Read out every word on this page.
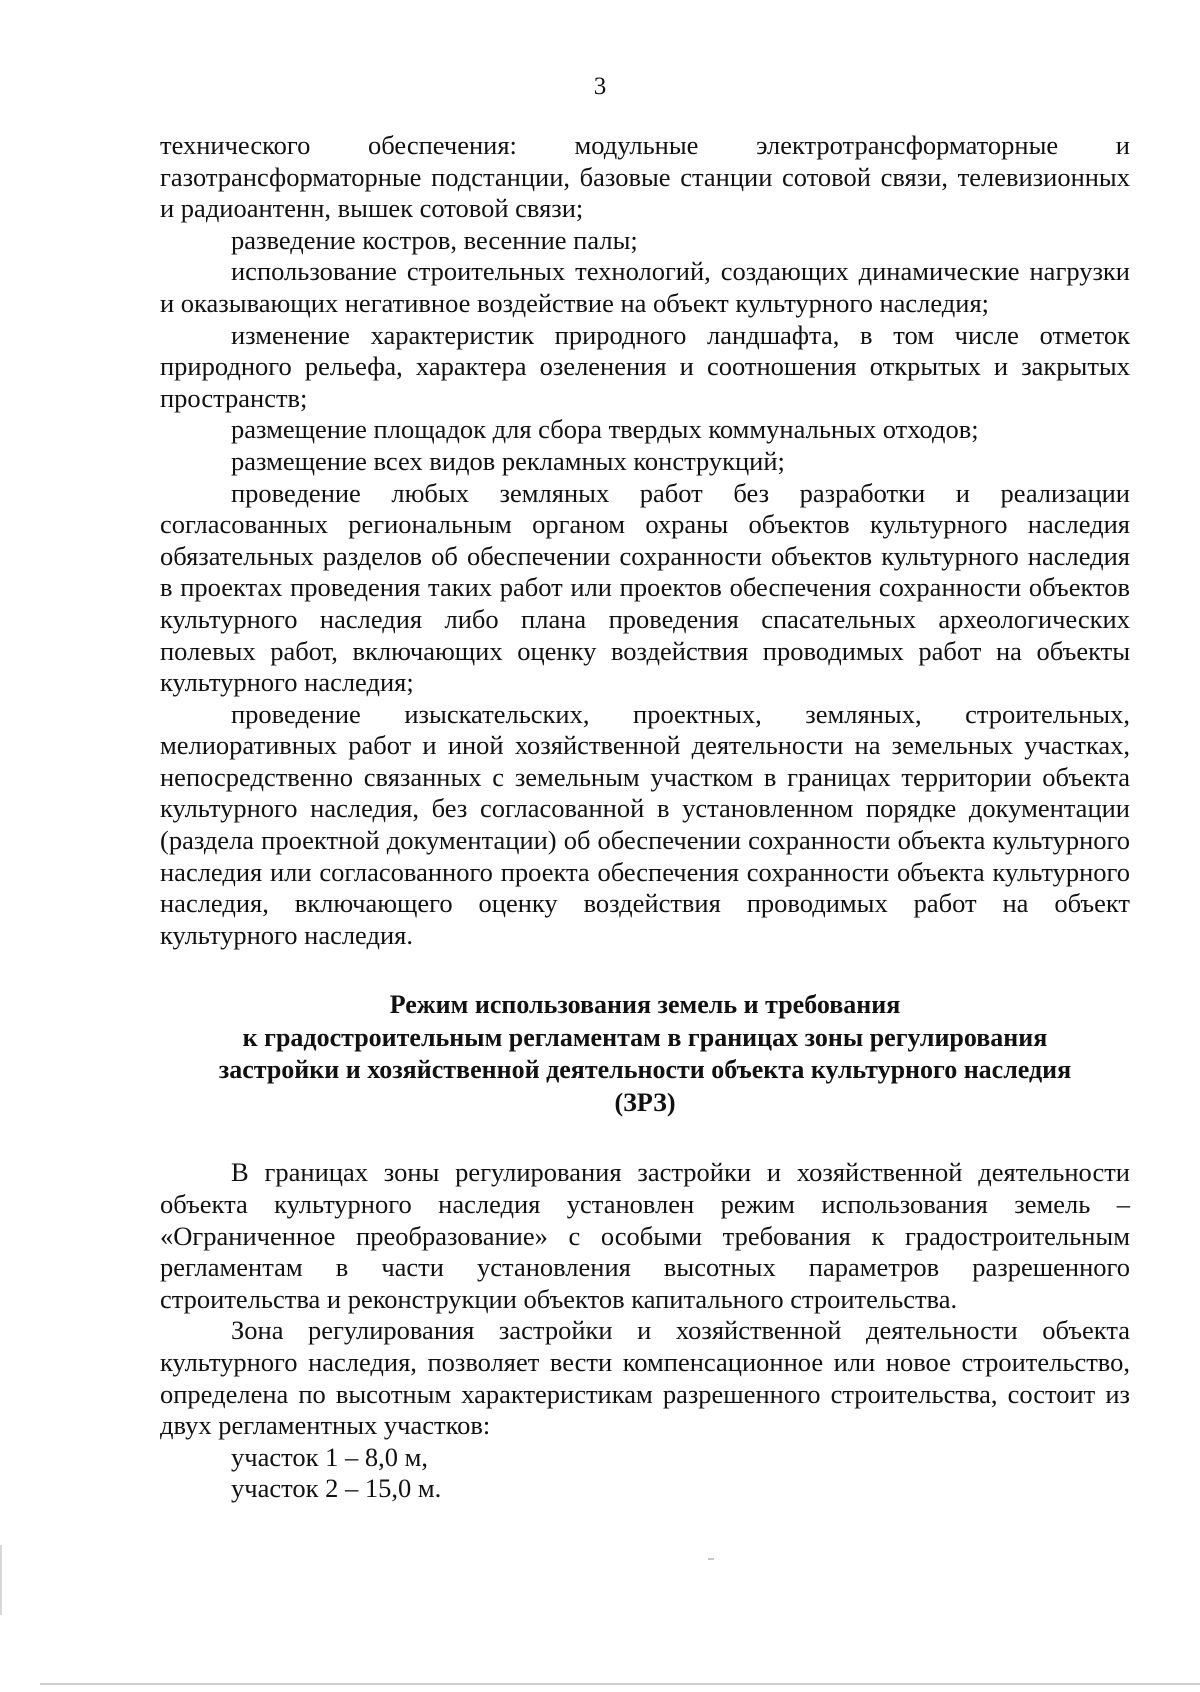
3

технического обеспечения: модульные электротрансформаторные и газотрансформаторные подстанции, базовые станции сотовой связи, телевизионных и радиоантенн, вышек сотовой связи;

разведение костров, весенние палы;

использование строительных технологий, создающих динамические нагрузки и оказывающих негативное воздействие на объект культурного наследия;

изменение характеристик природного ландшафта, в том числе отметок природного рельефа, характера озеленения и соотношения открытых и закрытых пространств;

размещение площадок для сбора твердых коммунальных отходов;

размещение всех видов рекламных конструкций;

проведение любых земляных работ без разработки и реализации согласованных региональным органом охраны объектов культурного наследия обязательных разделов об обеспечении сохранности объектов культурного наследия в проектах проведения таких работ или проектов обеспечения сохранности объектов культурного наследия либо плана проведения спасательных археологических полевых работ, включающих оценку воздействия проводимых работ на объекты культурного наследия;

проведение изыскательских, проектных, земляных, строительных, мелиоративных работ и иной хозяйственной деятельности на земельных участках, непосредственно связанных с земельным участком в границах территории объекта культурного наследия, без согласованной в установленном порядке документации (раздела проектной документации) об обеспечении сохранности объекта культурного наследия или согласованного проекта обеспечения сохранности объекта культурного наследия, включающего оценку воздействия проводимых работ на объект культурного наследия.

Режим использования земель и требования
к градостроительным регламентам в границах зоны регулирования
застройки и хозяйственной деятельности объекта культурного наследия
(ЗРЗ)

В границах зоны регулирования застройки и хозяйственной деятельности объекта культурного наследия установлен режим использования земель – «Ограниченное преобразование» с особыми требования к градостроительным регламентам в части установления высотных параметров разрешенного строительства и реконструкции объектов капитального строительства.

Зона регулирования застройки и хозяйственной деятельности объекта культурного наследия, позволяет вести компенсационное или новое строительство, определена по высотным характеристикам разрешенного строительства, состоит из двух регламентных участков:

участок 1 – 8,0 м,

участок 2 – 15,0 м.
